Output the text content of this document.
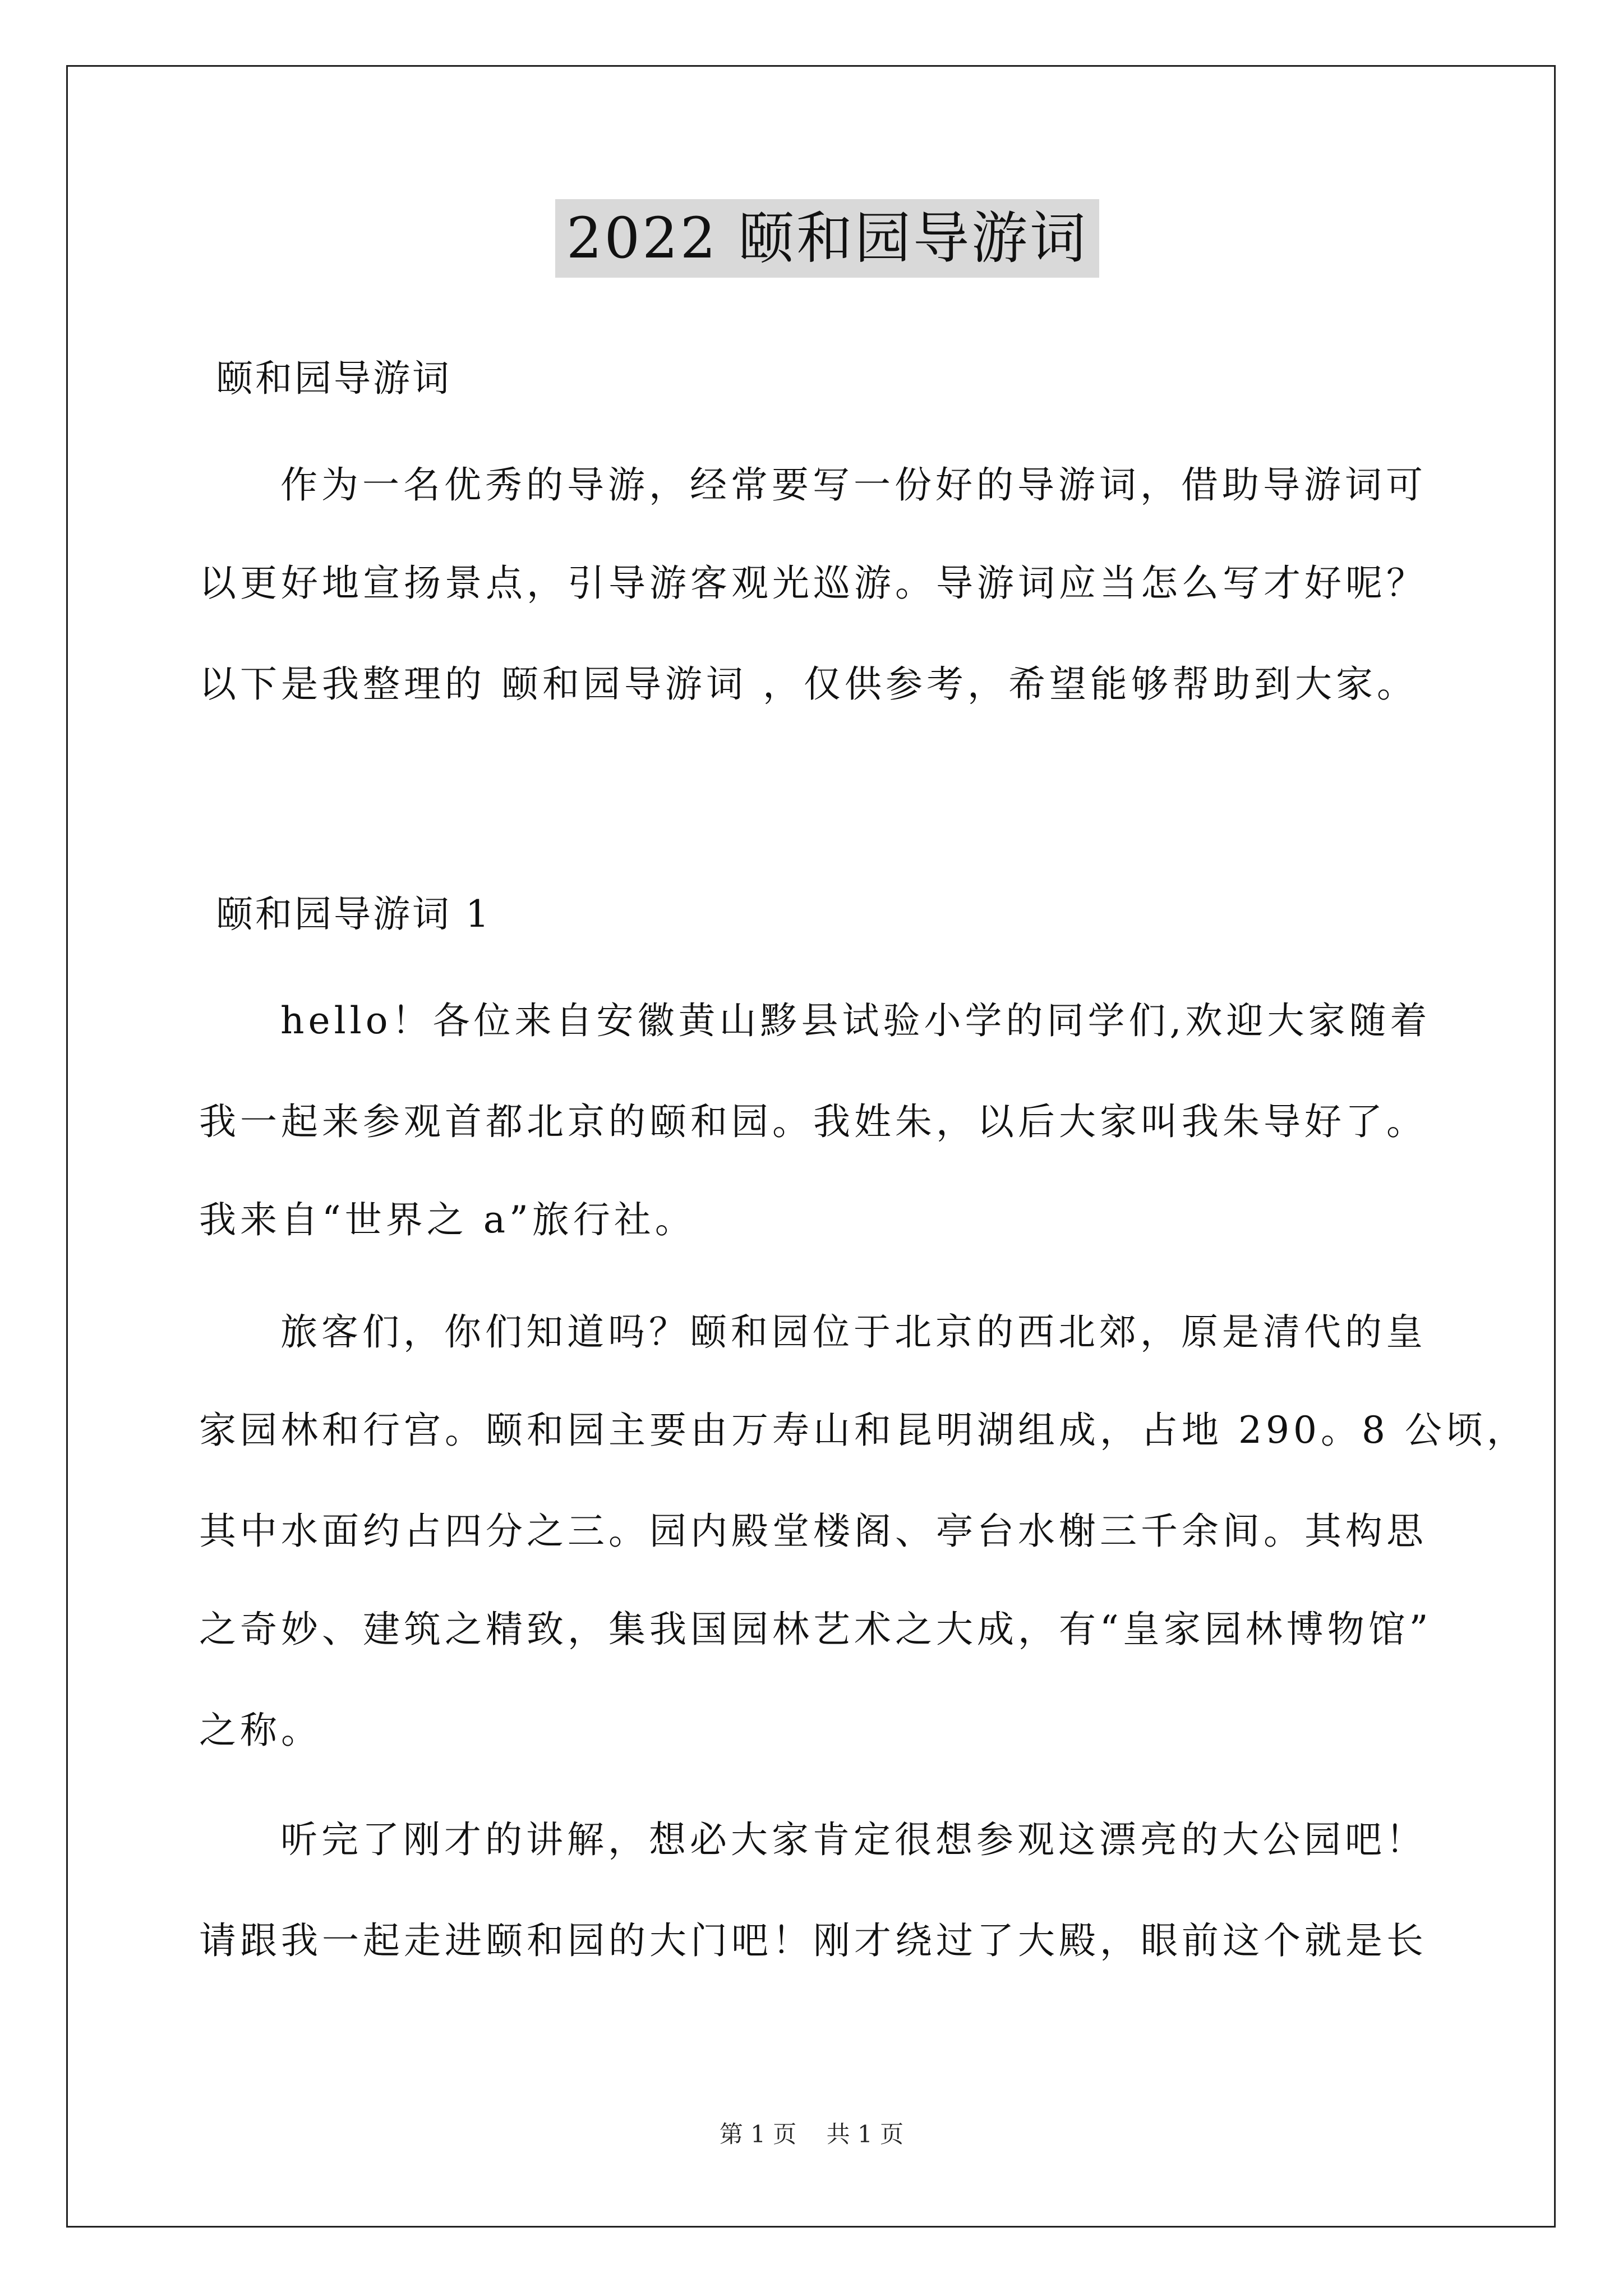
2022 颐和园导游词
颐和园导游词
作为一名优秀的导游，经常要写一份好的导游词，借助导游词可
以更好地宣扬景点，引导游客观光巡游。导游词应当怎么写才好呢？
以下是我整理的 颐和园导游词 ，仅供参考，希望能够帮助到大家。
颐和园导游词 1
hello！各位来自安徽黄山黟县试验小学的同学们,欢迎大家随着
我一起来参观首都北京的颐和园。我姓朱，以后大家叫我朱导好了。
我来自“世界之 a”旅行社。
旅客们，你们知道吗？颐和园位于北京的西北郊，原是清代的皇
家园林和行宫。颐和园主要由万寿山和昆明湖组成，占地 290。8 公顷，
其中水面约占四分之三。园内殿堂楼阁、亭台水榭三千余间。其构思
之奇妙、建筑之精致，集我国园林艺术之大成，有“皇家园林博物馆”
之称。
听完了刚才的讲解，想必大家肯定很想参观这漂亮的大公园吧！
请跟我一起走进颐和园的大门吧！刚才绕过了大殿，眼前这个就是长
第 1 页 共 1 页
